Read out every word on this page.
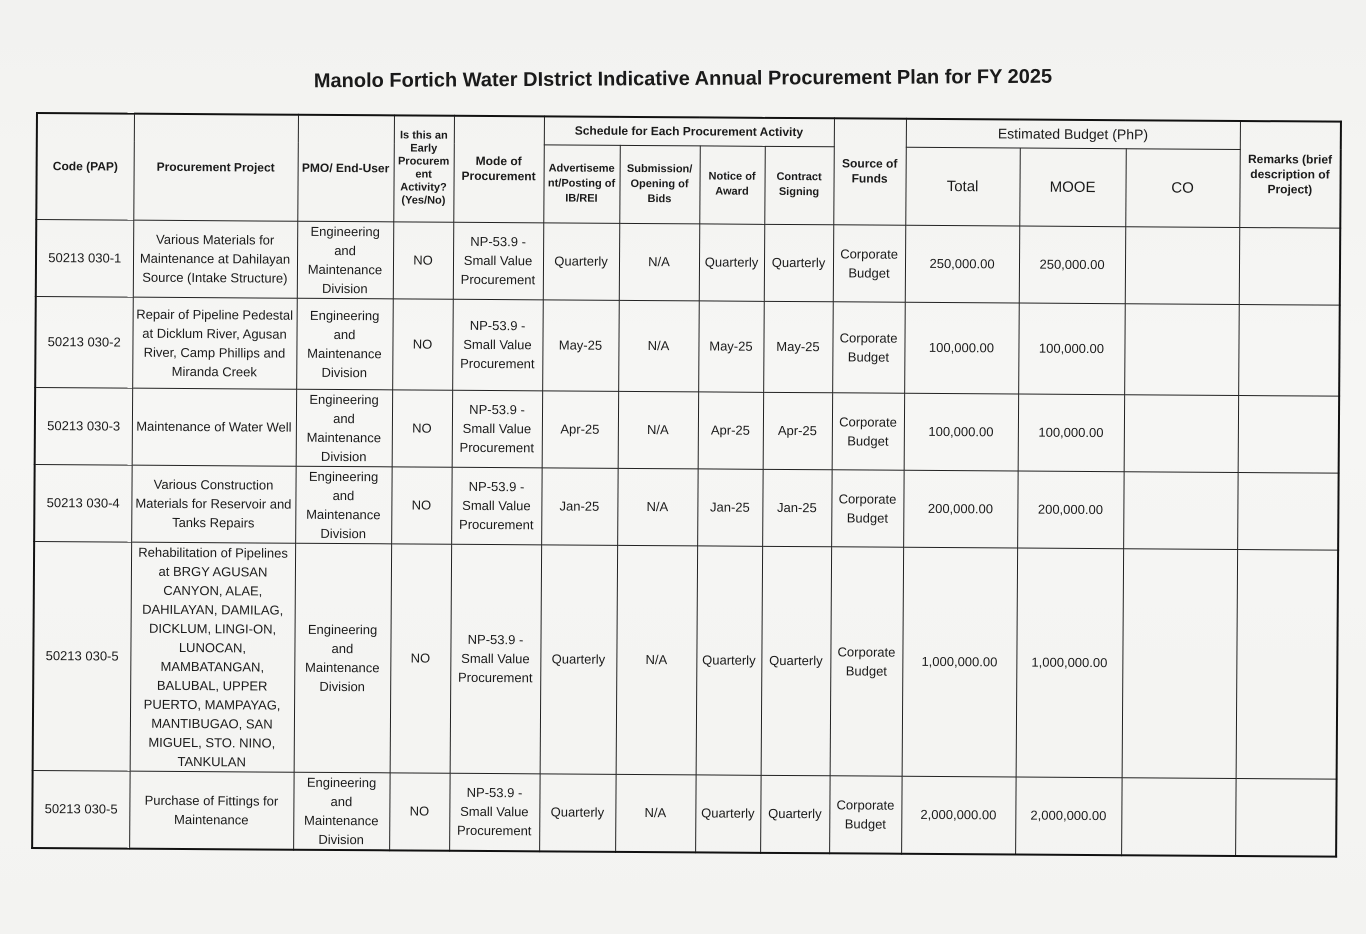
Manolo Fortich Water DIstrict Indicative Annual Procurement Plan for FY 2025
Code (PAP)	Procurement Project	PMO/ End-User	Is this an Early Procurem ent Activity? (Yes/No)	Mode of Procurement	Schedule for Each Procurement Activity				Source of Funds	Estimated Budget (PhP)			Remarks (brief description of Project)
					Advertiseme nt/Posting of IB/REI	Submission/ Opening of Bids	Notice of Award	Contract Signing		Total	MOOE	CO	
50213 030-1	Various Materials for Maintenance at Dahilayan Source (Intake Structure)	Engineering and Maintenance Division	NO	NP-53.9 - Small Value Procurement	Quarterly	N/A	Quarterly	Quarterly	Corporate Budget	250,000.00	250,000.00		
50213 030-2	Repair of Pipeline Pedestal at Dicklum River, Agusan River, Camp Phillips and Miranda Creek	Engineering and Maintenance Division	NO	NP-53.9 - Small Value Procurement	May-25	N/A	May-25	May-25	Corporate Budget	100,000.00	100,000.00		
50213 030-3	Maintenance of Water Well	Engineering and Maintenance Division	NO	NP-53.9 - Small Value Procurement	Apr-25	N/A	Apr-25	Apr-25	Corporate Budget	100,000.00	100,000.00		
50213 030-4	Various Construction Materials for Reservoir and Tanks Repairs	Engineering and Maintenance Division	NO	NP-53.9 - Small Value Procurement	Jan-25	N/A	Jan-25	Jan-25	Corporate Budget	200,000.00	200,000.00		
50213 030-5	Rehabilitation of Pipelines at BRGY AGUSAN CANYON, ALAE, DAHILAYAN, DAMILAG, DICKLUM, LINGI-ON, LUNOCAN, MAMBATANGAN, BALUBAL, UPPER PUERTO, MAMPAYAG, MANTIBUGAO, SAN MIGUEL, STO. NINO, TANKULAN	Engineering and Maintenance Division	NO	NP-53.9 - Small Value Procurement	Quarterly	N/A	Quarterly	Quarterly	Corporate Budget	1,000,000.00	1,000,000.00		
50213 030-5	Purchase of Fittings for Maintenance	Engineering and Maintenance Division	NO	NP-53.9 - Small Value Procurement	Quarterly	N/A	Quarterly	Quarterly	Corporate Budget	2,000,000.00	2,000,000.00		
